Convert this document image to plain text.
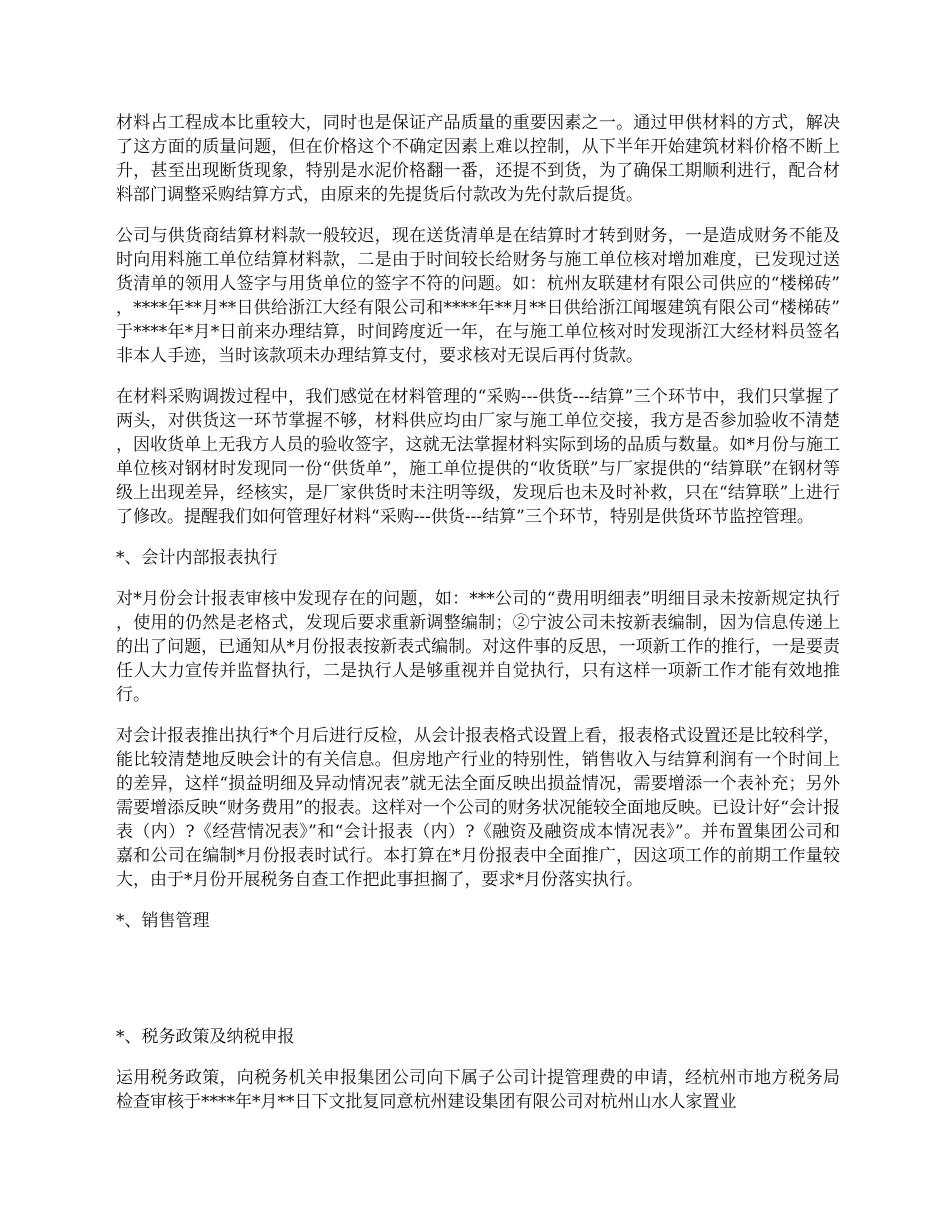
材料占工程成本比重较大，同时也是保证产品质量的重要因素之一。通过甲供材料的方式，解决了这方面的质量问题，但在价格这个不确定因素上难以控制，从下半年开始建筑材料价格不断上升，甚至出现断货现象，特别是水泥价格翻一番，还提不到货，为了确保工期顺利进行，配合材料部门调整采购结算方式，由原来的先提货后付款改为先付款后提货。

公司与供货商结算材料款一般较迟，现在送货清单是在结算时才转到财务，一是造成财务不能及时向用料施工单位结算材料款，二是由于时间较长给财务与施工单位核对增加难度，已发现过送货清单的领用人签字与用货单位的签字不符的问题。如：杭州友联建材有限公司供应的“楼梯砖”，****年**月**日供给浙江大经有限公司和****年**月**日供给浙江闻堰建筑有限公司“楼梯砖”于****年*月*日前来办理结算，时间跨度近一年，在与施工单位核对时发现浙江大经材料员签名非本人手迹，当时该款项未办理结算支付，要求核对无误后再付货款。

在材料采购调拨过程中，我们感觉在材料管理的“采购---供货---结算”三个环节中，我们只掌握了两头，对供货这一环节掌握不够，材料供应均由厂家与施工单位交接，我方是否参加验收不清楚，因收货单上无我方人员的验收签字，这就无法掌握材料实际到场的品质与数量。如*月份与施工单位核对钢材时发现同一份“供货单”，施工单位提供的“收货联”与厂家提供的“结算联”在钢材等级上出现差异，经核实，是厂家供货时未注明等级，发现后也未及时补救，只在“结算联”上进行了修改。提醒我们如何管理好材料“采购---供货---结算”三个环节，特别是供货环节监控管理。

*、会计内部报表执行

对*月份会计报表审核中发现存在的问题，如：***公司的“费用明细表”明细目录未按新规定执行，使用的仍然是老格式，发现后要求重新调整编制；②宁波公司未按新表编制，因为信息传递上的出了问题，已通知从*月份报表按新表式编制。对这件事的反思，一项新工作的推行，一是要责任人大力宣传并监督执行，二是执行人是够重视并自觉执行，只有这样一项新工作才能有效地推行。

对会计报表推出执行*个月后进行反检，从会计报表格式设置上看，报表格式设置还是比较科学，能比较清楚地反映会计的有关信息。但房地产行业的特别性，销售收入与结算利润有一个时间上的差异，这样“损益明细及异动情况表”就无法全面反映出损益情况，需要增添一个表补充；另外需要增添反映“财务费用”的报表。这样对一个公司的财务状况能较全面地反映。已设计好“会计报表（内）?《经营情况表》”和“会计报表（内）?《融资及融资成本情况表》”。并布置集团公司和嘉和公司在编制*月份报表时试行。本打算在*月份报表中全面推广，因这项工作的前期工作量较大，由于*月份开展税务自查工作把此事担搁了，要求*月份落实执行。

*、销售管理

*、税务政策及纳税申报

运用税务政策，向税务机关申报集团公司向下属子公司计提管理费的申请，经杭州市地方税务局检查审核于****年*月**日下文批复同意杭州建设集团有限公司对杭州山水人家置业
